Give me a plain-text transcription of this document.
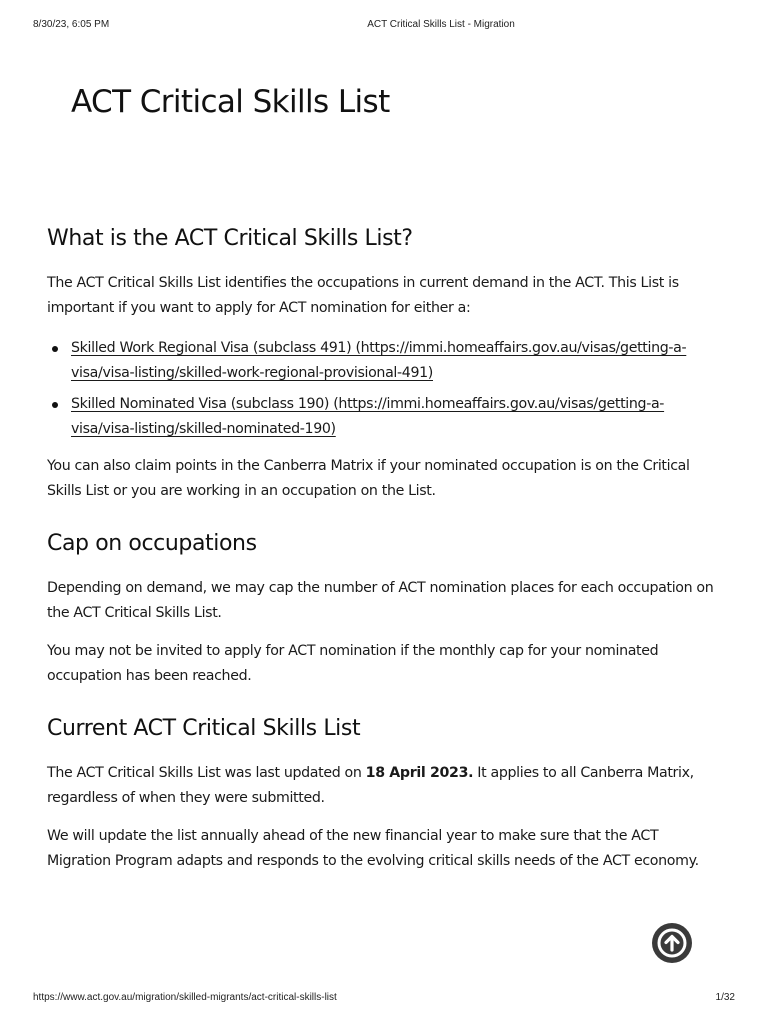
8/30/23, 6:05 PM	ACT Critical Skills List - Migration
ACT Critical Skills List
What is the ACT Critical Skills List?

The ACT Critical Skills List identifies the occupations in current demand in the ACT. This List is important if you want to apply for ACT nomination for either a:

Skilled Work Regional Visa (subclass 491) (https://immi.homeaffairs.gov.au/visas/getting-a-visa/visa-listing/skilled-work-regional-provisional-491)
Skilled Nominated Visa (subclass 190) (https://immi.homeaffairs.gov.au/visas/getting-a-visa/visa-listing/skilled-nominated-190)

You can also claim points in the Canberra Matrix if your nominated occupation is on the Critical Skills List or you are working in an occupation on the List.

Cap on occupations

Depending on demand, we may cap the number of ACT nomination places for each occupation on the ACT Critical Skills List.

You may not be invited to apply for ACT nomination if the monthly cap for your nominated occupation has been reached.

Current ACT Critical Skills List

The ACT Critical Skills List was last updated on 18 April 2023. It applies to all Canberra Matrix, regardless of when they were submitted.

We will update the list annually ahead of the new financial year to make sure that the ACT Migration Program adapts and responds to the evolving critical skills needs of the ACT economy.

https://www.act.gov.au/migration/skilled-migrants/act-critical-skills-list	1/32
